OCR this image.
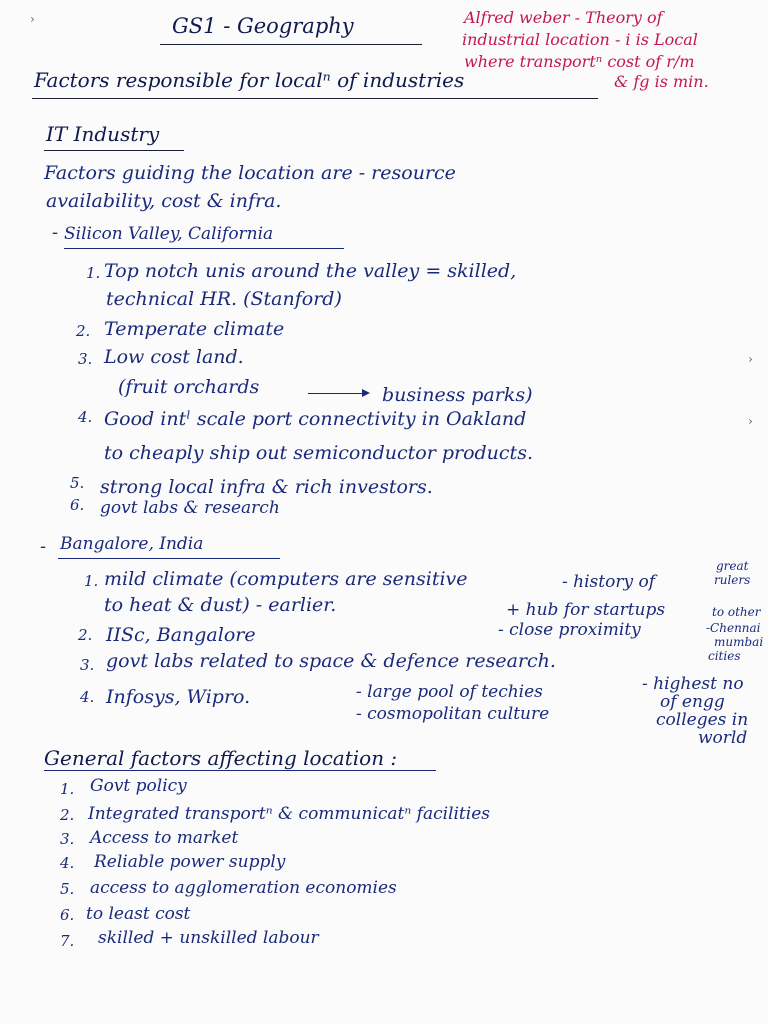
›	GS1 - Geography	Alfred weber - Theory of
industrial location - i is Local
where transportⁿ cost of r/m
& fg is min.
Factors responsible for localⁿ of industries
IT Industry
Factors guiding the location are - resource
availability, cost & infra.
- Silicon Valley, California
1. Top notch unis around the valley = skilled,
technical HR. (Stanford)
2. Temperate climate
3. Low cost land.
(fruit orchards	business parks)
4. Good intˡ scale port connectivity in Oakland
to cheaply ship out semiconductor products.
5. strong local infra & rich investors.
6. govt labs & research
- Bangalore, India
1. mild climate (computers are sensitive
to heat & dust) - earlier.
2. IISc, Bangalore
3. govt labs related to space & defence research.
4. Infosys, Wipro.
- history of
great
rulers
+ hub for startups
- close proximity
to other
-Chennai
mumbai
cities
- large pool of techies
- cosmopolitan culture
- highest no
of engg
colleges in
world
General factors affecting location :
1. Govt policy
2. Integrated transportⁿ & communicatⁿ facilities
3. Access to market
4. Reliable power supply
5. access to agglomeration economies
6. to least cost
7. skilled + unskilled labour
›
›
